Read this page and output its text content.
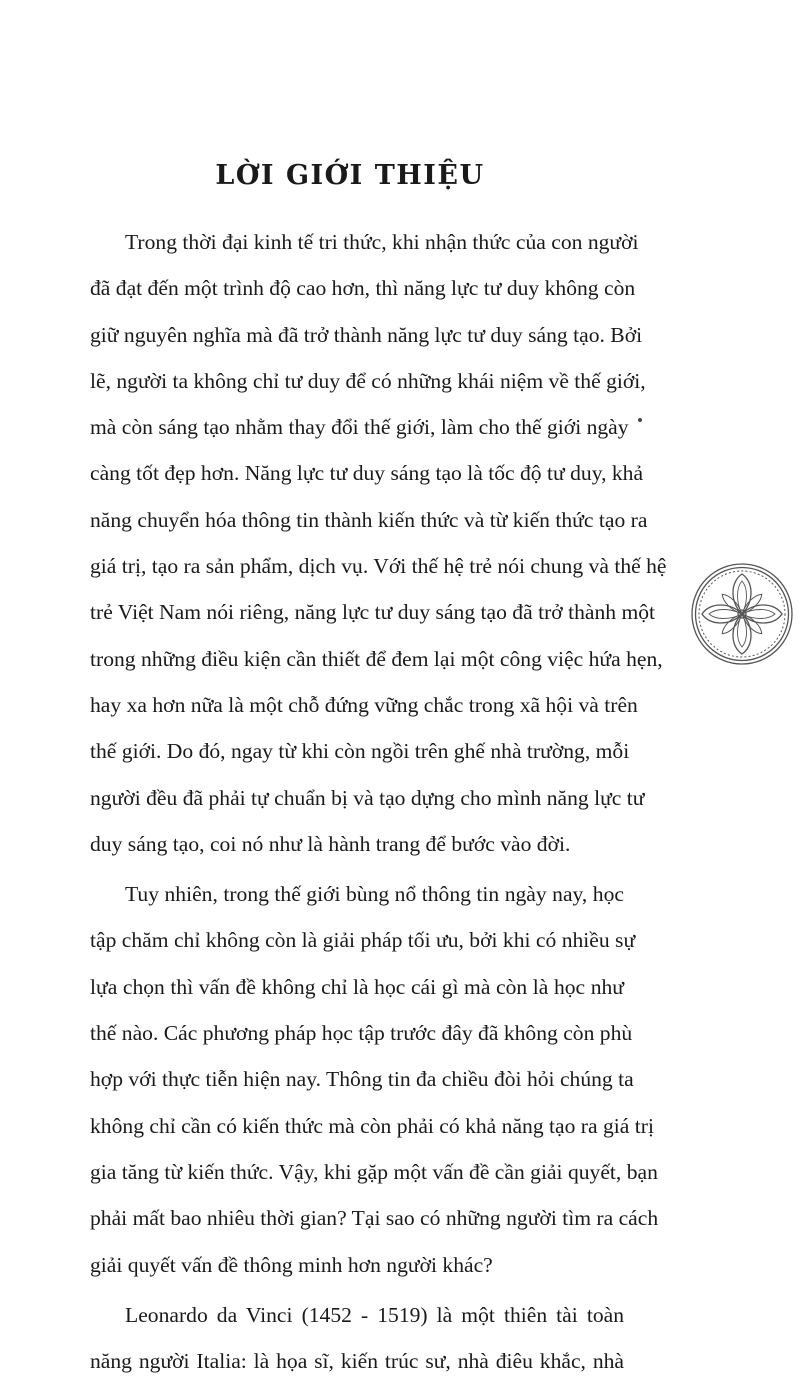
LỜI GIỚI THIỆU
Trong thời đại kinh tế tri thức, khi nhận thức của con người
đã đạt đến một trình độ cao hơn, thì năng lực tư duy không còn
giữ nguyên nghĩa mà đã trở thành năng lực tư duy sáng tạo. Bởi
lẽ, người ta không chỉ tư duy để có những khái niệm về thế giới,
mà còn sáng tạo nhằm thay đổi thế giới, làm cho thế giới ngày
càng tốt đẹp hơn. Năng lực tư duy sáng tạo là tốc độ tư duy, khả
năng chuyển hóa thông tin thành kiến thức và từ kiến thức tạo ra
giá trị, tạo ra sản phẩm, dịch vụ. Với thế hệ trẻ nói chung và thế hệ
trẻ Việt Nam nói riêng, năng lực tư duy sáng tạo đã trở thành một
trong những điều kiện cần thiết để đem lại một công việc hứa hẹn,
hay xa hơn nữa là một chỗ đứng vững chắc trong xã hội và trên
thế giới. Do đó, ngay từ khi còn ngồi trên ghế nhà trường, mỗi
người đều đã phải tự chuẩn bị và tạo dựng cho mình năng lực tư
duy sáng tạo, coi nó như là hành trang để bước vào đời.
Tuy nhiên, trong thế giới bùng nổ thông tin ngày nay, học
tập chăm chỉ không còn là giải pháp tối ưu, bởi khi có nhiều sự
lựa chọn thì vấn đề không chỉ là học cái gì mà còn là học như
thế nào. Các phương pháp học tập trước đây đã không còn phù
hợp với thực tiễn hiện nay. Thông tin đa chiều đòi hỏi chúng ta
không chỉ cần có kiến thức mà còn phải có khả năng tạo ra giá trị
gia tăng từ kiến thức. Vậy, khi gặp một vấn đề cần giải quyết, bạn
phải mất bao nhiêu thời gian? Tại sao có những người tìm ra cách
giải quyết vấn đề thông minh hơn người khác?
Leonardo da Vinci (1452 - 1519) là một thiên tài toàn
năng người Italia: là họa sĩ, kiến trúc sư, nhà điêu khắc, nhà
